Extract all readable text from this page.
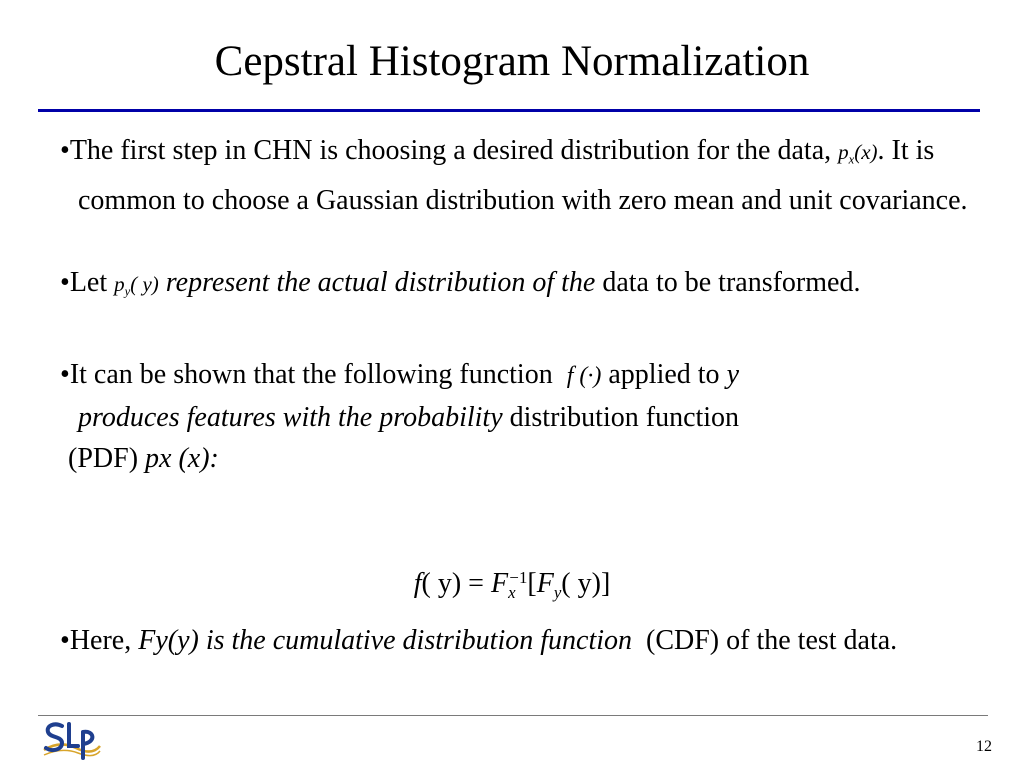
Cepstral Histogram Normalization

•The first step in CHN is choosing a desired distribution for the data, $p_x(x)$. It is common to choose a Gaussian distribution with zero mean and unit covariance.

•Let $p_y$( y) represent the actual distribution of the data to be transformed.

•It can be shown that the following function f (·) applied to y
produces features with the probability distribution function

(PDF) px (x):

f( $y) = F_x^{-1}[F_y$( y)]

•Here, Fy(y) is the cumulative distribution function (CDF) of the test data.

12
